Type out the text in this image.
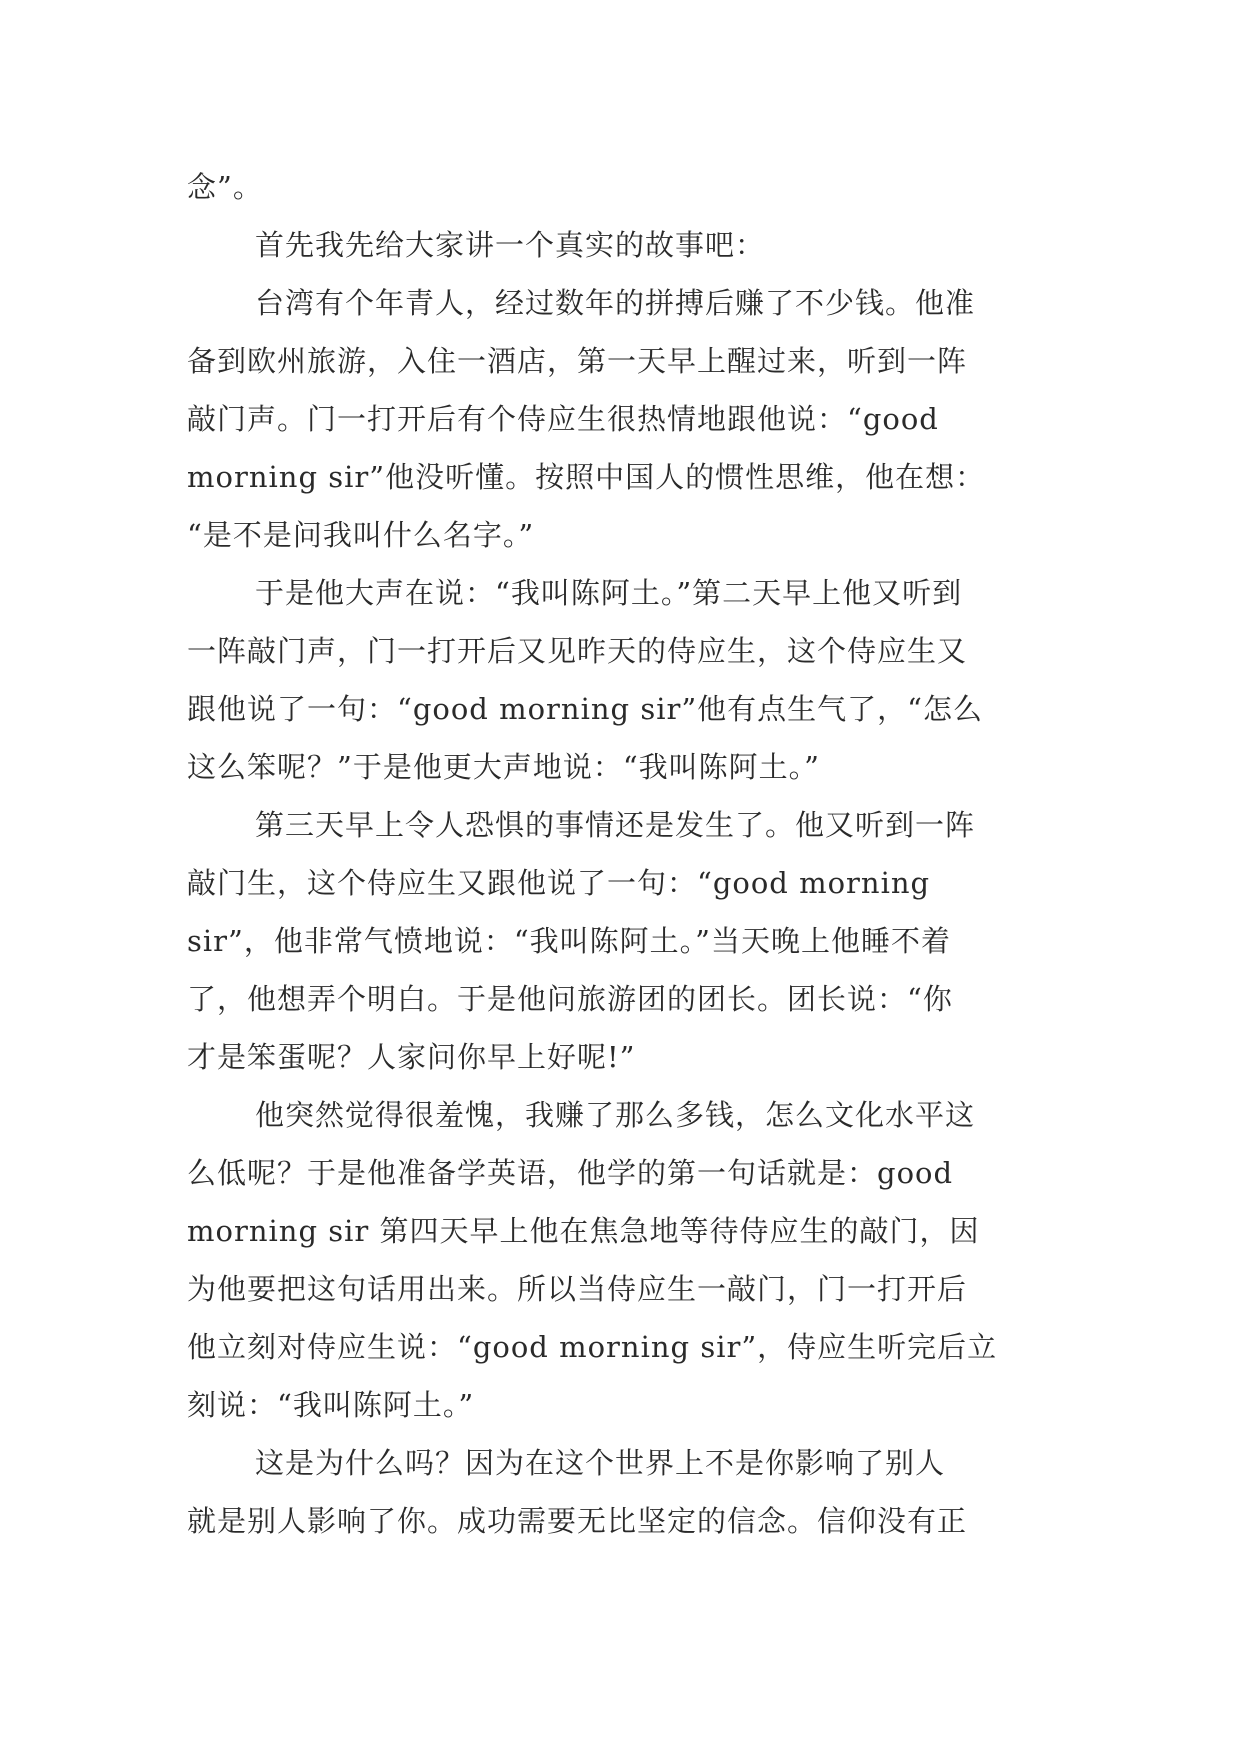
念”。
首先我先给大家讲一个真实的故事吧：
台湾有个年青人，经过数年的拼搏后赚了不少钱。他准
备到欧州旅游，入住一酒店，第一天早上醒过来，听到一阵
敲门声。门一打开后有个侍应生很热情地跟他说：“good
morning sir”他没听懂。按照中国人的惯性思维，他在想：
“是不是问我叫什么名字。”
于是他大声在说：“我叫陈阿土。”第二天早上他又听到
一阵敲门声，门一打开后又见昨天的侍应生，这个侍应生又
跟他说了一句：“good morning sir”他有点生气了，“怎么
这么笨呢？”于是他更大声地说：“我叫陈阿土。”
第三天早上令人恐惧的事情还是发生了。他又听到一阵
敲门生，这个侍应生又跟他说了一句：“good morning
sir”，他非常气愤地说：“我叫陈阿土。”当天晚上他睡不着
了，他想弄个明白。于是他问旅游团的团长。团长说：“你
才是笨蛋呢？人家问你早上好呢!”
他突然觉得很羞愧，我赚了那么多钱，怎么文化水平这
么低呢？于是他准备学英语，他学的第一句话就是：good
morning sir 第四天早上他在焦急地等待侍应生的敲门，因
为他要把这句话用出来。所以当侍应生一敲门，门一打开后
他立刻对侍应生说：“good morning sir”，侍应生听完后立
刻说：“我叫陈阿土。”
这是为什么吗？因为在这个世界上不是你影响了别人
就是别人影响了你。成功需要无比坚定的信念。信仰没有正
